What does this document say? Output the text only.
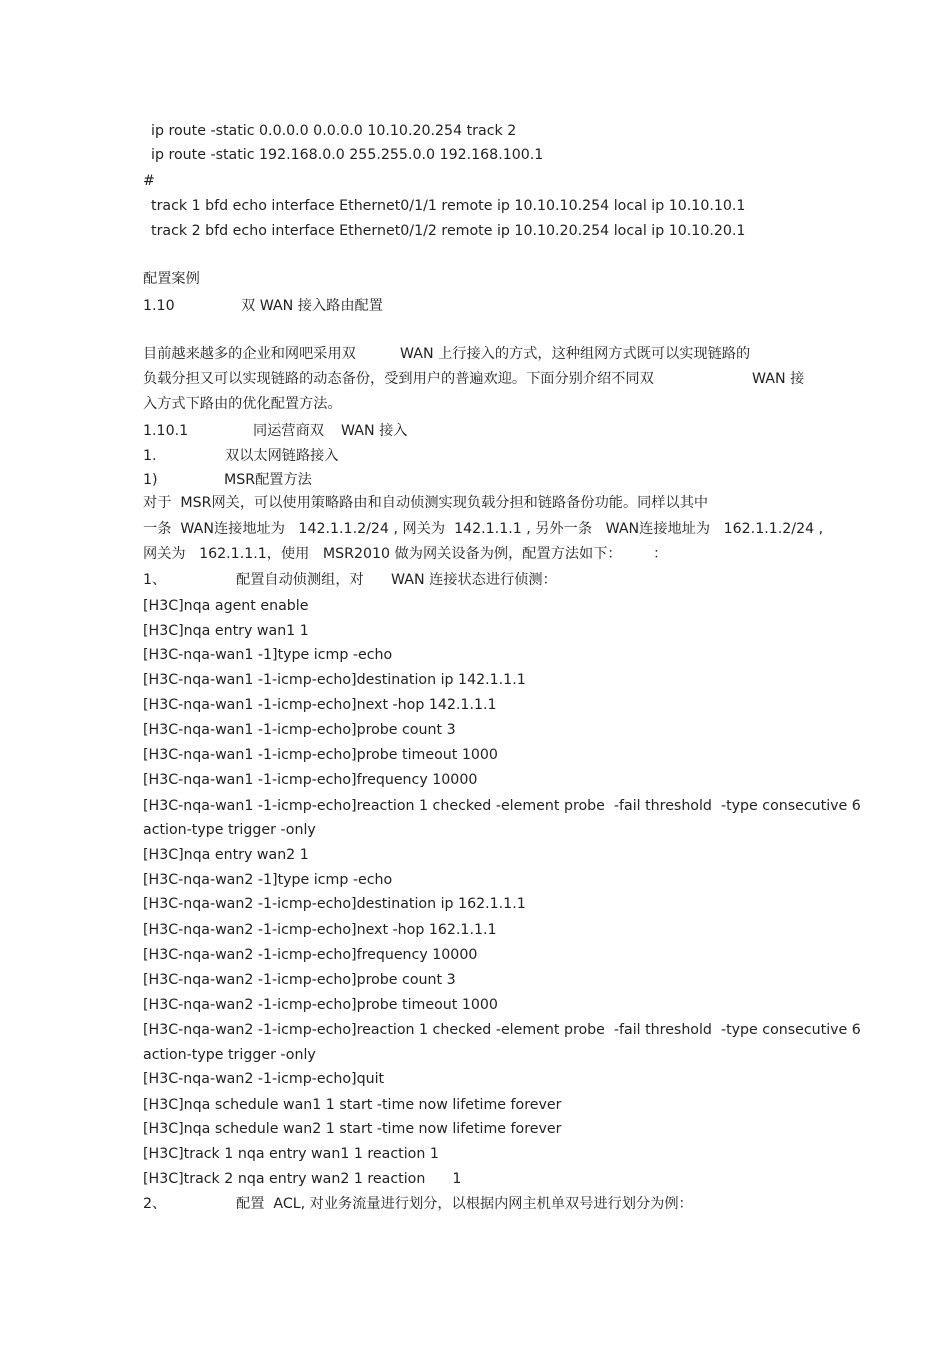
ip route -static 0.0.0.0 0.0.0.0 10.10.20.254 track 2
ip route -static 192.168.0.0 255.255.0.0 192.168.100.1
#
track 1 bfd echo interface Ethernet0/1/1 remote ip 10.10.10.254 local ip 10.10.10.1
track 2 bfd echo interface Ethernet0/1/2 remote ip 10.10.20.254 local ip 10.10.20.1
配置案例
1.10	双 WAN 接入路由配置
目前越来越多的企业和网吧采用双	WAN 上行接入的方式，这种组网方式既可以实现链路的
负载分担又可以实现链路的动态备份，受到用户的普遍欢迎。下面分别介绍不同双	WAN 接
入方式下路由的优化配置方法。
1.10.1	同运营商双 WAN 接入
1.	双以太网链路接入
1)	MSR配置方法
对于  MSR网关，可以使用策略路由和自动侦测实现负载分担和链路备份功能。同样以其中
一条  WAN连接地址为   142.1.1.2/24 , 网关为  142.1.1.1 , 另外一条   WAN连接地址为   162.1.1.2/24 ,
网关为   162.1.1.1，使用   MSR2010 做为网关设备为例，配置方法如下：       ：
1、	配置自动侦测组，对 WAN 连接状态进行侦测：
[H3C]nqa agent enable
[H3C]nqa entry wan1 1
[H3C-nqa-wan1 -1]type icmp -echo
[H3C-nqa-wan1 -1-icmp-echo]destination ip 142.1.1.1
[H3C-nqa-wan1 -1-icmp-echo]next -hop 142.1.1.1
[H3C-nqa-wan1 -1-icmp-echo]probe count 3
[H3C-nqa-wan1 -1-icmp-echo]probe timeout 1000
[H3C-nqa-wan1 -1-icmp-echo]frequency 10000
[H3C-nqa-wan1 -1-icmp-echo]reaction 1 checked -element probe  -fail threshold  -type consecutive 6
action-type trigger -only
[H3C]nqa entry wan2 1
[H3C-nqa-wan2 -1]type icmp -echo
[H3C-nqa-wan2 -1-icmp-echo]destination ip 162.1.1.1
[H3C-nqa-wan2 -1-icmp-echo]next -hop 162.1.1.1
[H3C-nqa-wan2 -1-icmp-echo]frequency 10000
[H3C-nqa-wan2 -1-icmp-echo]probe count 3
[H3C-nqa-wan2 -1-icmp-echo]probe timeout 1000
[H3C-nqa-wan2 -1-icmp-echo]reaction 1 checked -element probe  -fail threshold  -type consecutive 6
action-type trigger -only
[H3C-nqa-wan2 -1-icmp-echo]quit
[H3C]nqa schedule wan1 1 start -time now lifetime forever
[H3C]nqa schedule wan2 1 start -time now lifetime forever
[H3C]track 1 nqa entry wan1 1 reaction 1
[H3C]track 2 nqa entry wan2 1 reaction      1
2、	配置  ACL, 对业务流量进行划分，以根据内网主机单双号进行划分为例：
